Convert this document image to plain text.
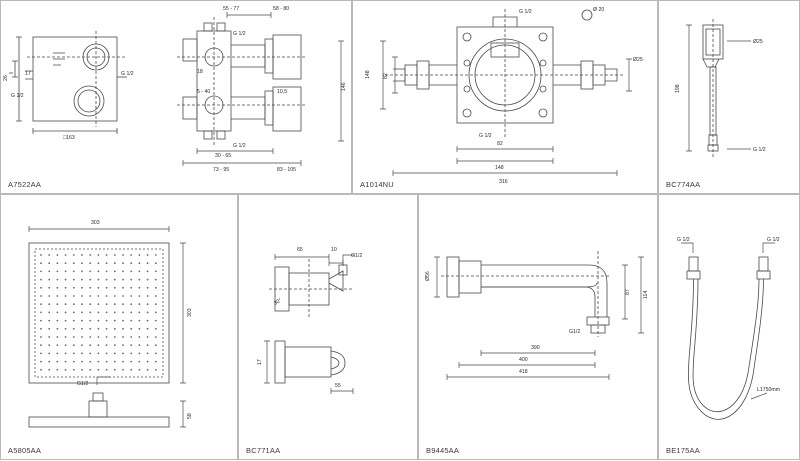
□163
26
17
G 1/2
G 1/2
55 - 77	58 - 80
G 1/2
G 1/2
18
5 - 40	10,5
30 - 65
73 - 95	83 - 105
146
A7522AA
148 82
82
148
316
G 1/2	Ø 20
Ø25
G 1/2
A1014NU
198
Ø25
G 1/2
BC774AA
303
303
G1/2
58
A5805AA
65	10
G1/2
30°
17
55
BC771AA
Ø56
390
400
418
87 114
G1/2
B9445AA
G 1/2	G 1/2
L1750mm
BE175AA
